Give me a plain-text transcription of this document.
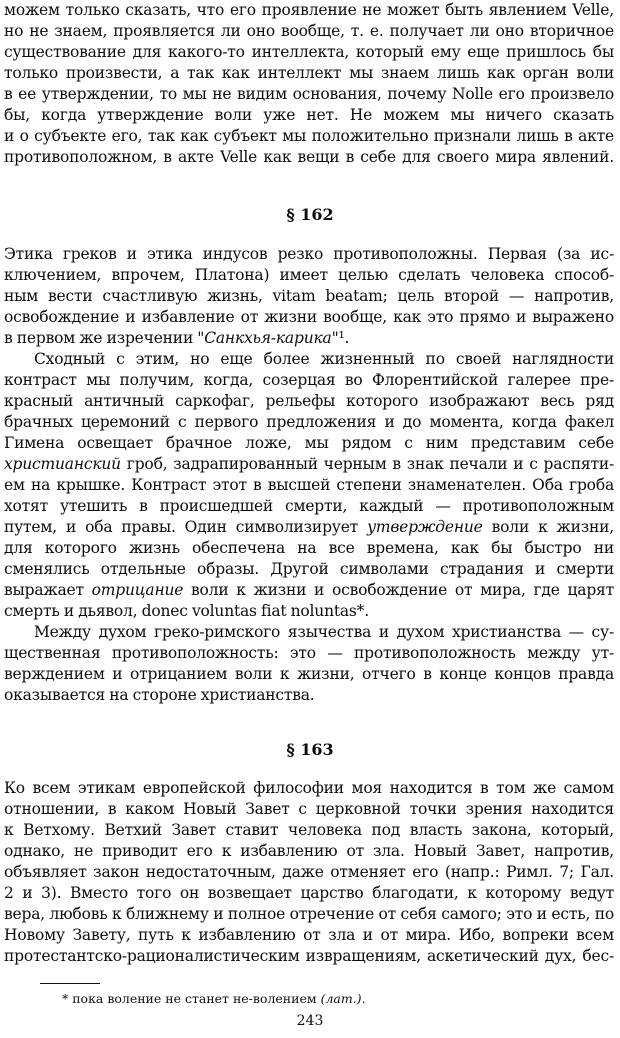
можем только сказать, что его проявление не может быть явлением Velle,
но не знаем, проявляется ли оно вообще, т. е. получает ли оно вторичное
существование для какого-то интеллекта, который ему еще пришлось бы
только произвести, а так как интеллект мы знаем лишь как орган воли
в ее утверждении, то мы не видим основания, почему Nolle его произвело
бы, когда утверждение воли уже нет. Не можем мы ничего сказать
и о субъекте его, так как субъект мы положительно признали лишь в акте
противоположном, в акте Velle как вещи в себе для своего мира явлений.
§ 162
Этика греков и этика индусов резко противоположны. Первая (за ис-
ключением, впрочем, Платона) имеет целью сделать человека способ-
ным вести счастливую жизнь, vitam beatam; цель второй — напротив,
освобождение и избавление от жизни вообще, как это прямо и выражено
в первом же изречении "Санкхья-карика"¹.
Сходный с этим, но еще более жизненный по своей наглядности
контраст мы получим, когда, созерцая во Флорентийской галерее пре-
красный античный саркофаг, рельефы которого изображают весь ряд
брачных церемоний с первого предложения и до момента, когда факел
Гимена освещает брачное ложе, мы рядом с ним представим себе
христианский гроб, задрапированный черным в знак печали и с распяти-
ем на крышке. Контраст этот в высшей степени знаменателен. Оба гроба
хотят утешить в происшедшей смерти, каждый — противоположным
путем, и оба правы. Один символизирует утверждение воли к жизни,
для которого жизнь обеспечена на все времена, как бы быстро ни
сменялись отдельные образы. Другой символами страдания и смерти
выражает отрицание воли к жизни и освобождение от мира, где царят
смерть и дьявол, donec voluntas fiat noluntas*.
Между духом греко-римского язычества и духом христианства — су-
щественная противоположность: это — противоположность между ут-
верждением и отрицанием воли к жизни, отчего в конце концов правда
оказывается на стороне христианства.
§ 163
Ко всем этикам европейской философии моя находится в том же самом
отношении, в каком Новый Завет с церковной точки зрения находится
к Ветхому. Ветхий Завет ставит человека под власть закона, который,
однако, не приводит его к избавлению от зла. Новый Завет, напротив,
объявляет закон недостаточным, даже отменяет его (напр.: Римл. 7; Гал.
2 и 3). Вместо того он возвещает царство благодати, к которому ведут
вера, любовь к ближнему и полное отречение от себя самого; это и есть, по
Новому Завету, путь к избавлению от зла и от мира. Ибо, вопреки всем
протестантско-рационалистическим извращениям, аскетический дух, бес-
* пока воление не станет не-волением (лат.).
243
